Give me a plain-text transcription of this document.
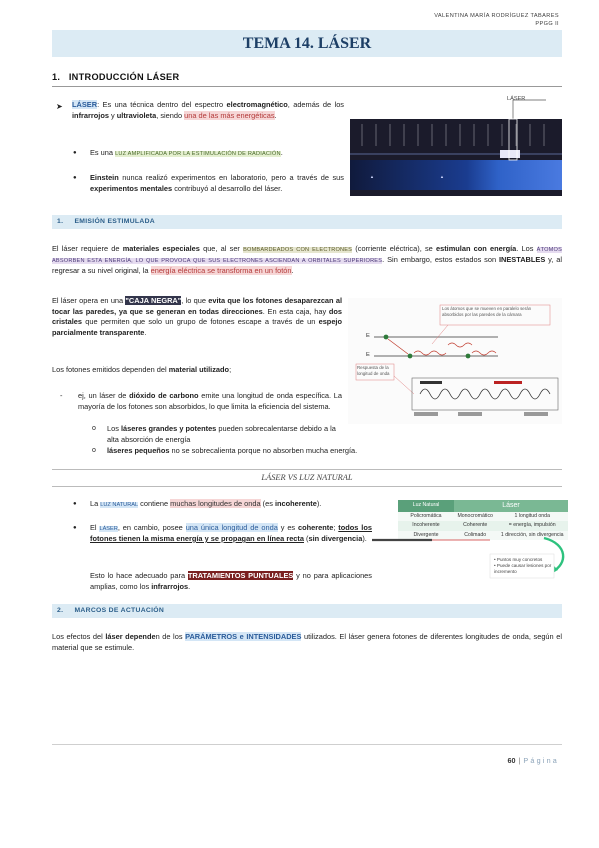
VALENTINA MARÍA RODRÍGUEZ TABARES
PPGG II
TEMA 14. LÁSER
1. INTRODUCCIÓN LÁSER
➤ LÁSER: Es una técnica dentro del espectro electromagnético, además de los infrarrojos y ultravioleta, siendo una de las más energéticas.
● Es una LUZ AMPLIFICADA POR LA ESTIMULACIÓN DE RADIACIÓN.
● Einstein nunca realizó experimentos en laboratorio, pero a través de sus experimentos mentales contribuyó al desarrollo del láser.
▲	▲
LÁSER
1. EMISIÓN ESTIMULADA
El láser requiere de materiales especiales que, al ser BOMBARDEADOS CON ELECTRONES (corriente eléctrica), se estimulan con energía. Los ÁTOMOS ABSORBEN ESTA ENERGÍA, LO QUE PROVOCA QUE SUS ELECTRONES ASCIENDAN A ORBITALES SUPERIORES. Sin embargo, estos estados son INESTABLES y, al regresar a su nivel original, la energía eléctrica se transforma en un fotón.
El láser opera en una "CAJA NEGRA", lo que evita que los fotones desaparezcan al tocar las paredes, ya que se generan en todas direcciones. En esta caja, hay dos cristales que permiten que solo un grupo de fotones escape a través de un espejo parcialmente transparente.
Los fotones emitidos dependen del material utilizado;
- ej, un láser de dióxido de carbono emite una longitud de onda específica. La mayoría de los fotones son absorbidos, lo que limita la eficiencia del sistema.
o Los láseres grandes y potentes pueden sobrecalentarse debido a la alta absorción de energía
o láseres pequeños no se sobrecalienta porque no absorben mucha energía.
Los átomos que se mueven en paralelo serán absorbidos por las paredes de la cámara
E
E
Respuesta de la longitud de onda
LÁSER VS LUZ NATURAL
● La LUZ NATURAL contiene muchas longitudes de onda (es incoherente).
● El LÁSER, en cambio, posee una única longitud de onda y es coherente; todos los fotones tienen la misma energía y se propagan en línea recta (sin divergencia).
Esto lo hace adecuado para TRATAMIENTOS PUNTUALES y no para aplicaciones amplias, como los infrarrojos.
Luz Natural	Láser	
Policromática	Monocromático	1 longitud onda
Incoherente	Coherente	= energía, impulsión
Divergente	Colimado	1 dirección, sin divergencia
• Puntos muy concretos
• Puede causar lesiones por incremento
2. MARCOS DE ACTUACIÓN
Los efectos del láser dependen de los PARÁMETROS e INTENSIDADES utilizados. El láser genera fotones de diferentes longitudes de onda, según el material que se estimule.
60 | Página
